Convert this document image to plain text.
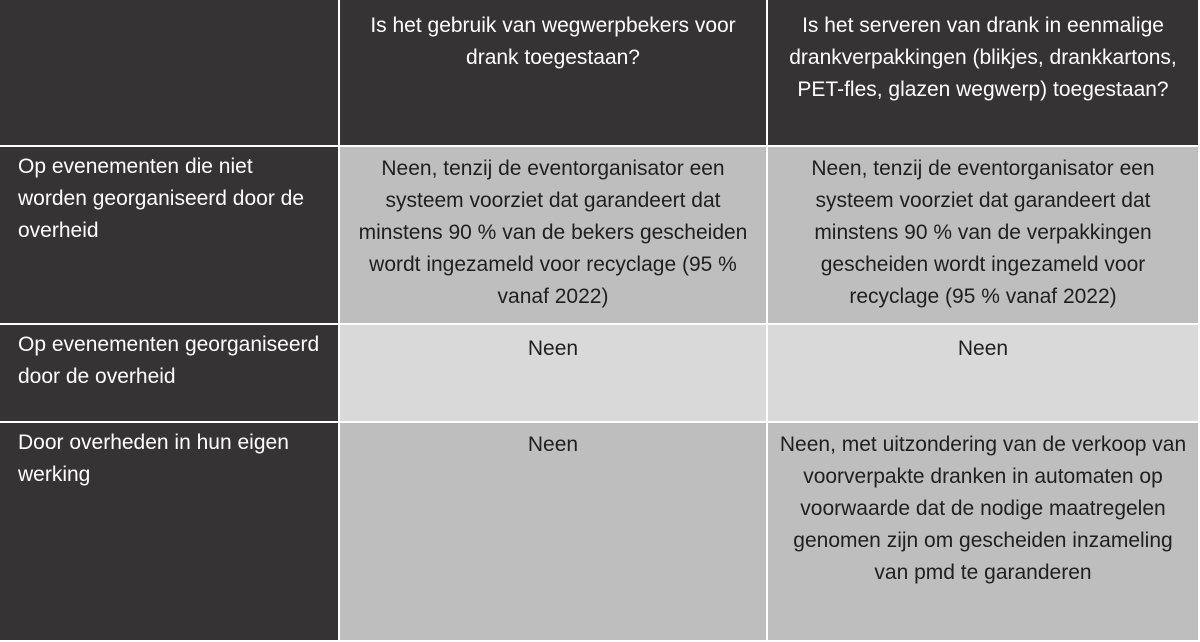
Is het gebruik van wegwerpbekers voor drank toegestaan?
Is het serveren van drank in eenmalige drankverpakkingen (blikjes, drankkartons, PET-fles, glazen wegwerp) toegestaan?
Op evenementen die niet worden georganiseerd door de overheid
Neen, tenzij de eventorganisator een systeem voorziet dat garandeert dat minstens 90 % van de bekers gescheiden wordt ingezameld voor recyclage (95 % vanaf 2022)
Neen, tenzij de eventorganisator een systeem voorziet dat garandeert dat minstens 90 % van de verpakkingen gescheiden wordt ingezameld voor recyclage (95 % vanaf 2022)
Op evenementen georganiseerd door de overheid
Neen	Neen
Door overheden in hun eigen werking
Neen	Neen, met uitzondering van de verkoop van voorverpakte dranken in automaten op voorwaarde dat de nodige maatregelen genomen zijn om gescheiden inzameling van pmd te garanderen
